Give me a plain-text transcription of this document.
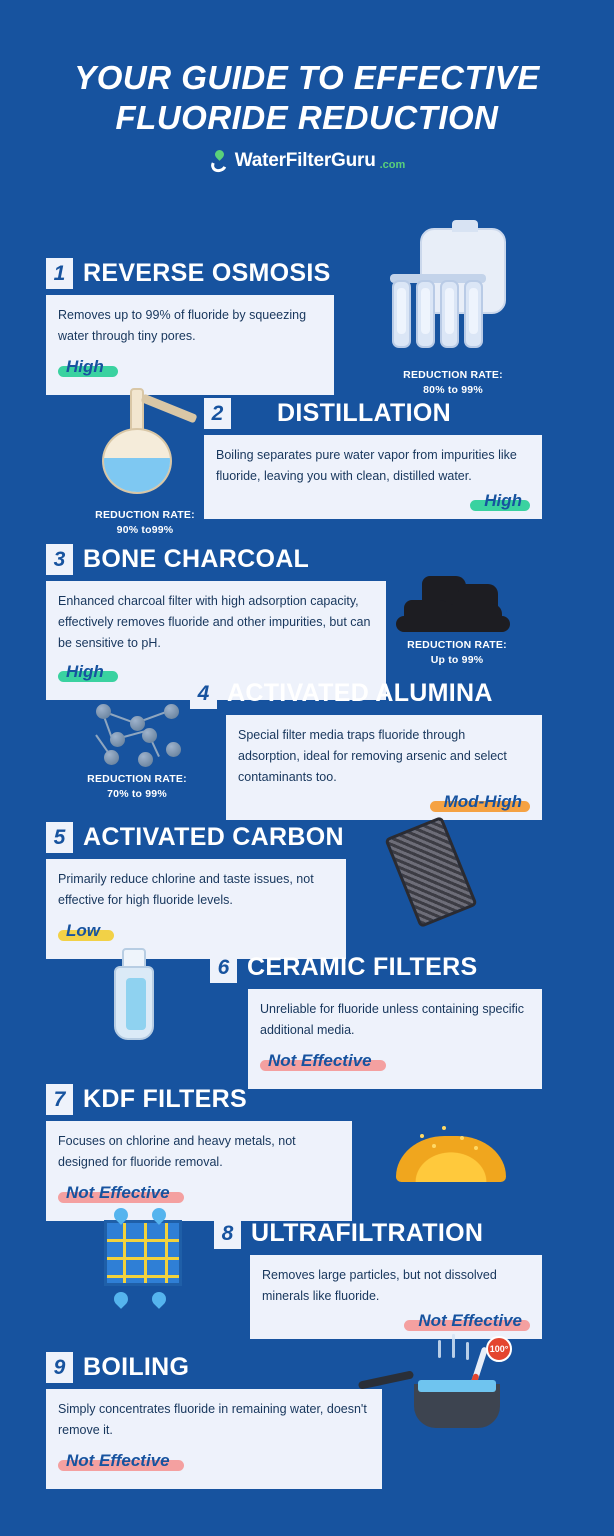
YOUR GUIDE TO EFFECTIVE
FLUORIDE REDUCTION
WaterFilterGuru .com
1 REVERSE OSMOSIS

Removes up to 99% of fluoride by squeezing water through tiny pores.

High	REDUCTION RATE:
80% to 99%
2	DISTILLATION

Boiling separates pure water vapor from impurities like fluoride, leaving you with clean, distilled water.

High
REDUCTION RATE:
90% to99%
3 BONE CHARCOAL

Enhanced charcoal filter with high adsorption capacity, effectively removes fluoride and other impurities, but can be sensitive to pH.

High
REDUCTION RATE:
Up to 99%
4 ACTIVATED ALUMINA

Special filter media traps fluoride through adsorption, ideal for removing arsenic and select contaminants too.

Mod-High
REDUCTION RATE:
70% to 99%
5 ACTIVATED CARBON

Primarily reduce chlorine and taste issues, not effective for high fluoride levels.

Low
6 CERAMIC FILTERS

Unreliable for fluoride unless containing specific additional media.

Not Effective
7 KDF FILTERS

Focuses on chlorine and heavy metals, not designed for fluoride removal.

Not Effective
8 ULTRAFILTRATION

Removes large particles, but not dissolved minerals like fluoride.

Not Effective
100°
9 BOILING

Simply concentrates fluoride in remaining water, doesn't remove it.

Not Effective
